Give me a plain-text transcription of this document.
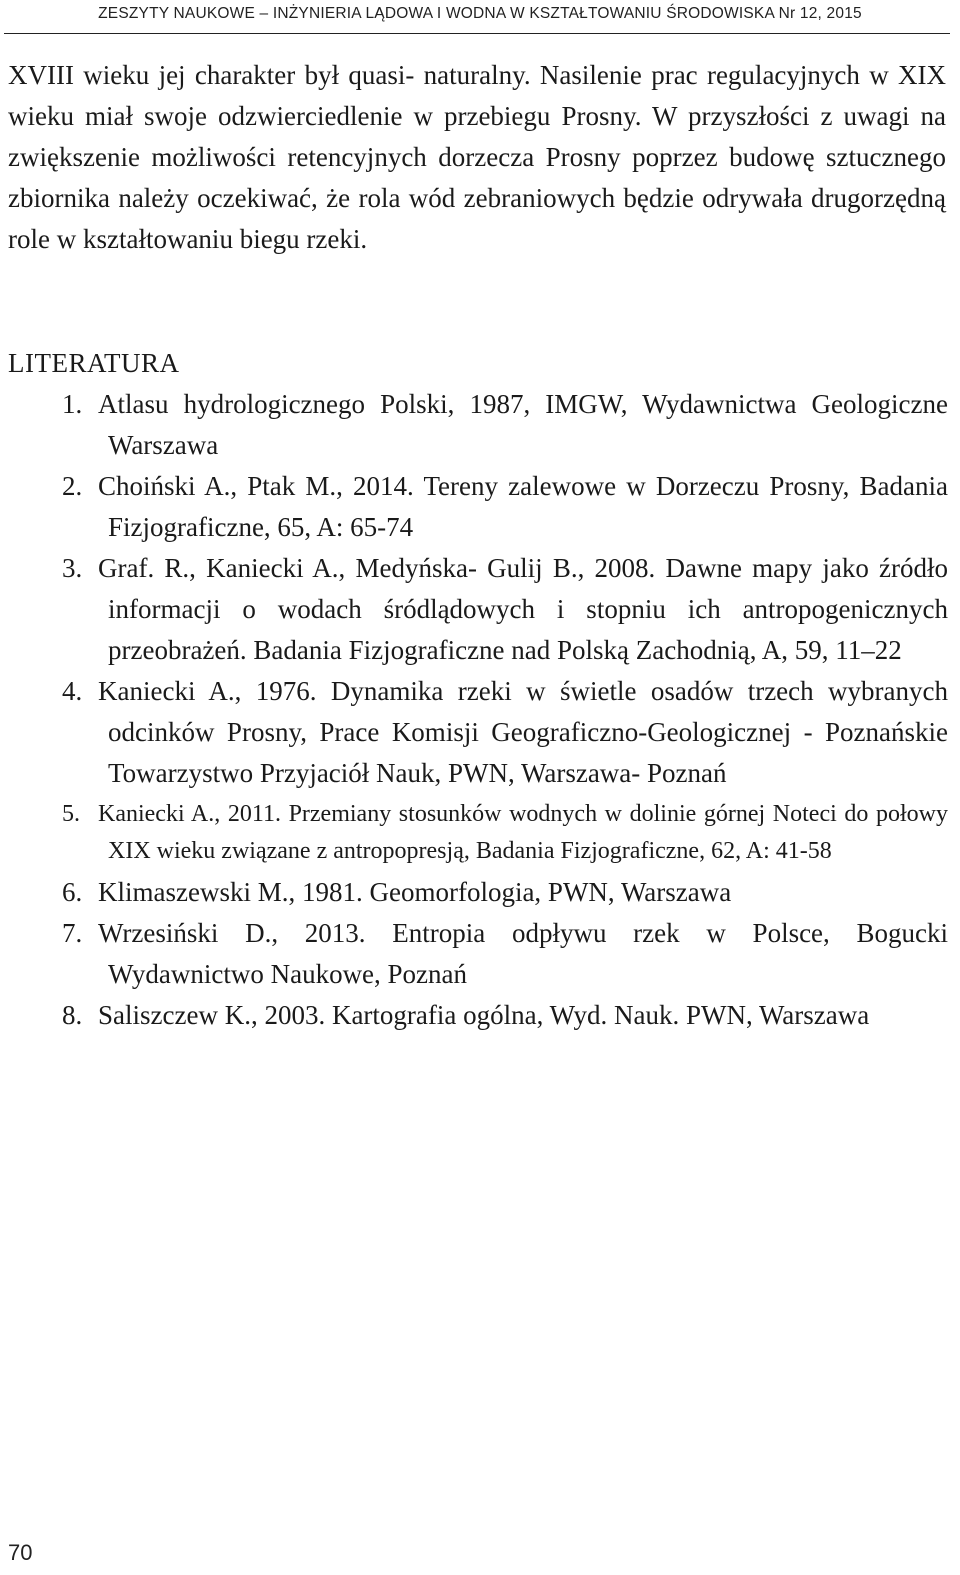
ZESZYTY NAUKOWE – INŻYNIERIA LĄDOWA I WODNA W KSZTAŁTOWANIU ŚRODOWISKA Nr 12, 2015

XVIII wieku jej charakter był quasi- naturalny. Nasilenie prac regulacyjnych w XIX wieku miał swoje odzwierciedlenie w przebiegu Prosny. W przyszłości z uwagi na zwiększenie możliwości retencyjnych dorzecza Prosny poprzez budowę sztucznego zbiornika należy oczekiwać, że rola wód zebraniowych będzie odrywała drugorzędną role w kształtowaniu biegu rzeki.

LITERATURA
1. Atlasu hydrologicznego Polski, 1987, IMGW, Wydawnictwa Geologiczne Warszawa
2. Choiński A., Ptak M., 2014. Tereny zalewowe w Dorzeczu Prosny, Badania Fizjograficzne, 65, A: 65-74
3. Graf. R., Kaniecki A., Medyńska- Gulij B., 2008. Dawne mapy jako źródło informacji o wodach śródlądowych i stopniu ich antropogenicznych przeobrażeń. Badania Fizjograficzne nad Polską Zachodnią, A, 59, 11–22
4. Kaniecki A., 1976. Dynamika rzeki w świetle osadów trzech wybranych odcinków Prosny, Prace Komisji Geograficzno-Geologicznej - Poznańskie Towarzystwo Przyjaciół Nauk, PWN, Warszawa- Poznań
5. Kaniecki A., 2011. Przemiany stosunków wodnych w dolinie górnej Noteci do połowy XIX wieku związane z antropopresją, Badania Fizjograficzne, 62, A: 41-58
6. Klimaszewski M., 1981. Geomorfologia, PWN, Warszawa
7. Wrzesiński D., 2013. Entropia odpływu rzek w Polsce, Bogucki Wydawnictwo Naukowe, Poznań
8. Saliszczew K., 2003. Kartografia ogólna, Wyd. Nauk. PWN, Warszawa
70
